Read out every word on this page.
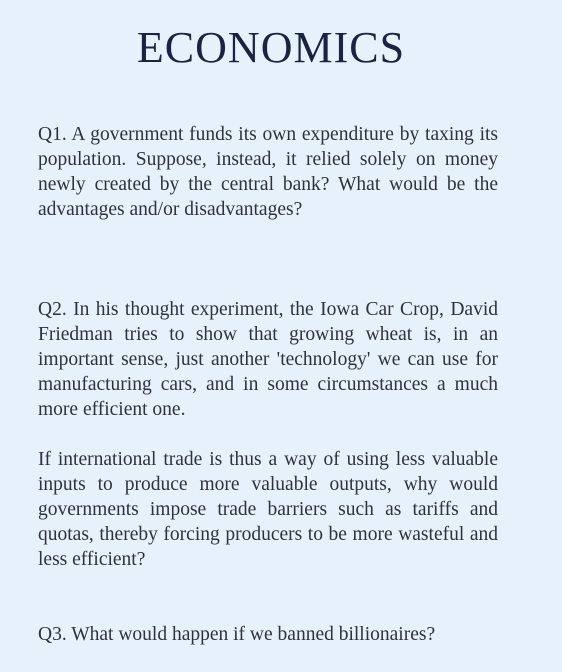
ECONOMICS

Q1. A government funds its own expenditure by taxing its population. Suppose, instead, it relied solely on money newly created by the central bank? What would be the advantages and/or disadvantages?

Q2. In his thought experiment, the Iowa Car Crop, David Friedman tries to show that growing wheat is, in an important sense, just another 'technology' we can use for manufacturing cars, and in some circumstances a much more efficient one.

If international trade is thus a way of using less valuable inputs to produce more valuable outputs, why would governments impose trade barriers such as tariffs and quotas, thereby forcing producers to be more wasteful and less efficient?

Q3. What would happen if we banned billionaires?
